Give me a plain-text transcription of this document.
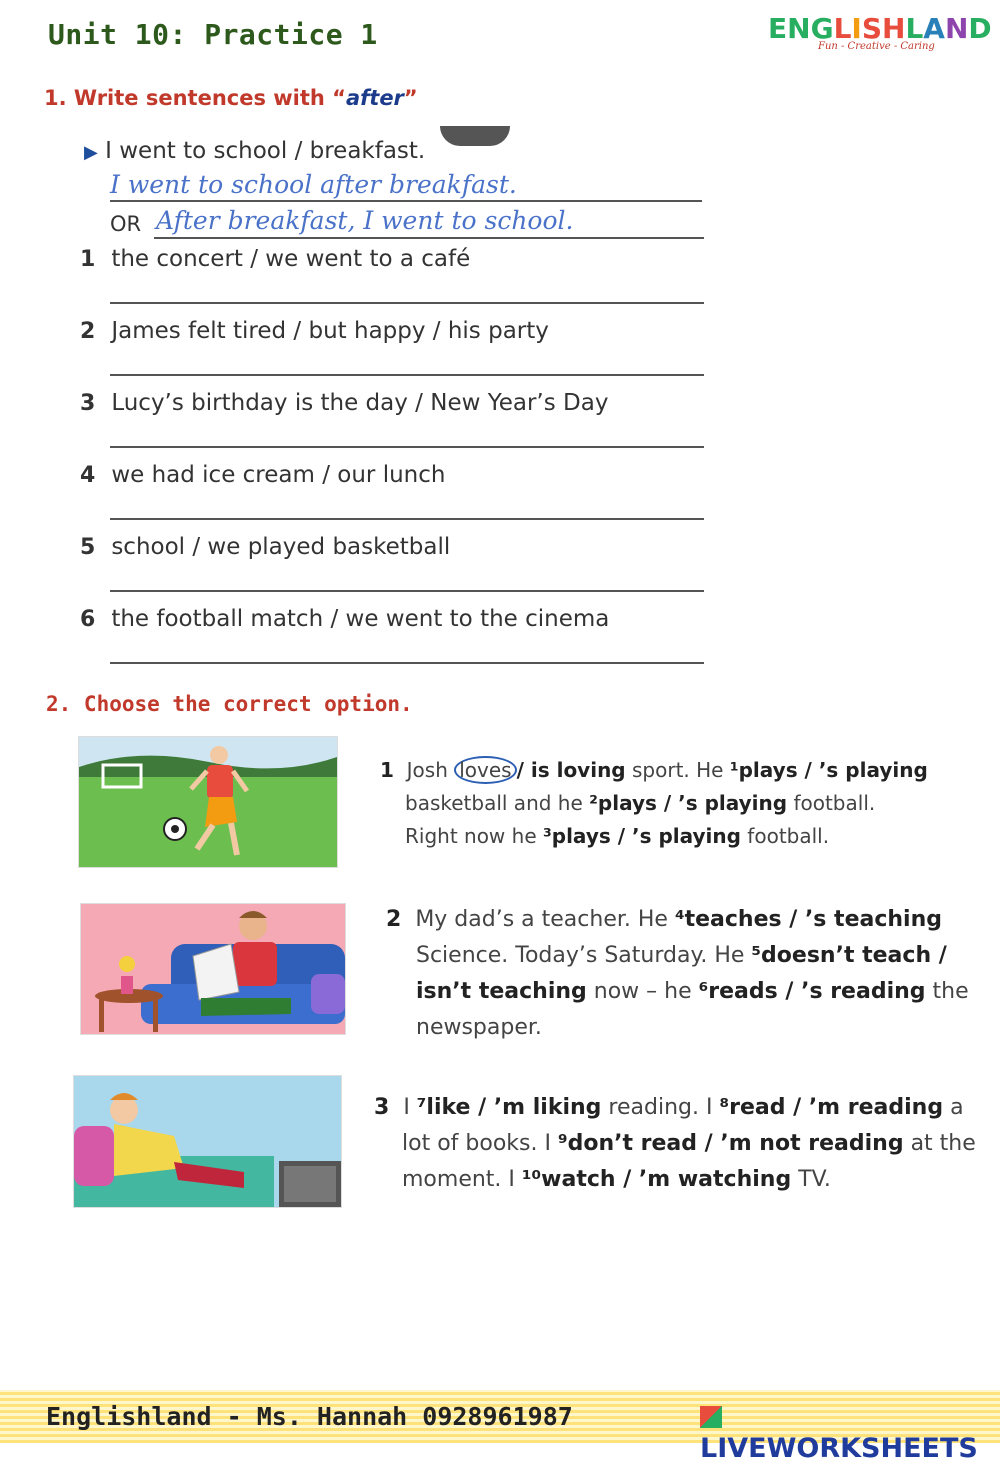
Unit 10: Practice 1	ENGLISHLAND
Fun - Creative - Caring
1. Write sentences with “after”
▶ I went to school / breakfast.
I went to school after breakfast.
OR After breakfast, I went to school.
1 the concert / we went to a café
2 James felt tired / but happy / his party
3 Lucy’s birthday is the day / New Year’s Day
4 we had ice cream / our lunch
5 school / we played basketball
6 the football match / we went to the cinema
2. Choose the correct option.
1 Josh loves / is loving sport. He ¹plays / ’s playing
basketball and he ²plays / ’s playing football.
Right now he ³plays / ’s playing football.
2 My dad’s a teacher. He ⁴teaches / ’s teaching
Science. Today’s Saturday. He ⁵doesn’t teach /
isn’t teaching now – he ⁶reads / ’s reading the
newspaper.
3 I ⁷like / ’m liking reading. I ⁸read / ’m reading a
lot of books. I ⁹don’t read / ’m not reading at the
moment. I ¹⁰watch / ’m watching TV.
Englishland - Ms. Hannah 0928961987
LIVEWORKSHEETS
